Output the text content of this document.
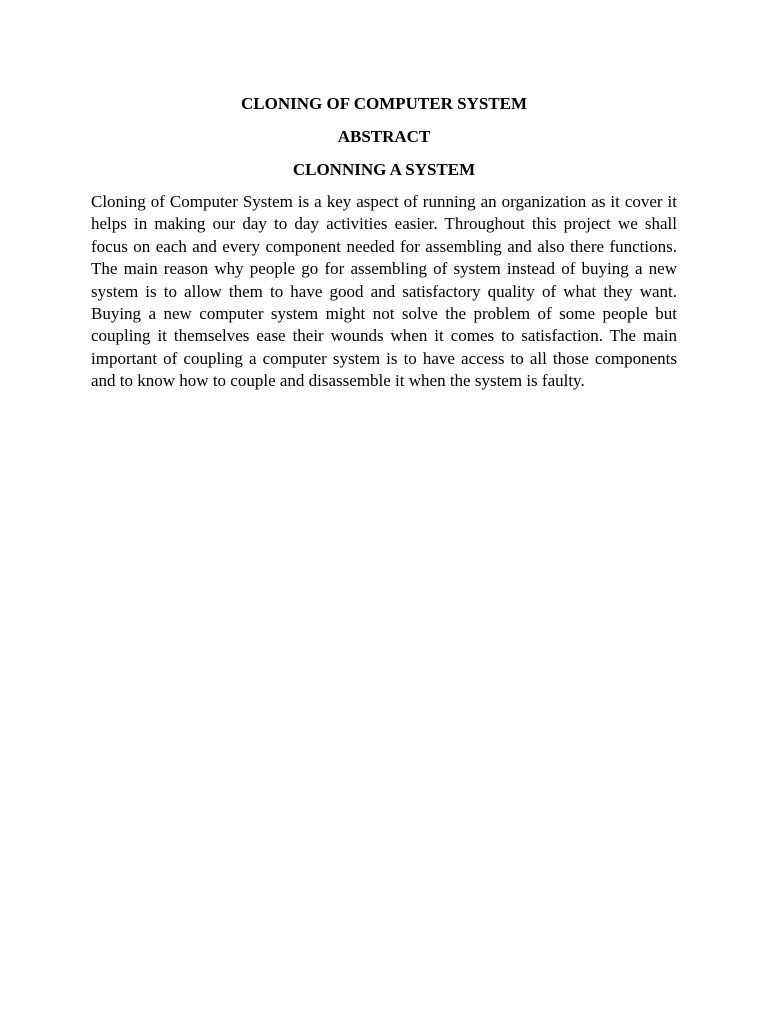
CLONING OF COMPUTER SYSTEM
ABSTRACT
CLONNING A SYSTEM

Cloning of Computer System is a key aspect of running an organization as it cover it helps in making our day to day activities easier. Throughout this project we shall focus on each and every component needed for assembling and also there functions. The main reason why people go for assembling of system instead of buying a new system is to allow them to have good and satisfactory quality of what they want. Buying a new computer system might not solve the problem of some people but coupling it themselves ease their wounds when it comes to satisfaction. The main important of coupling a computer system is to have access to all those components and to know how to couple and disassemble it when the system is faulty.
